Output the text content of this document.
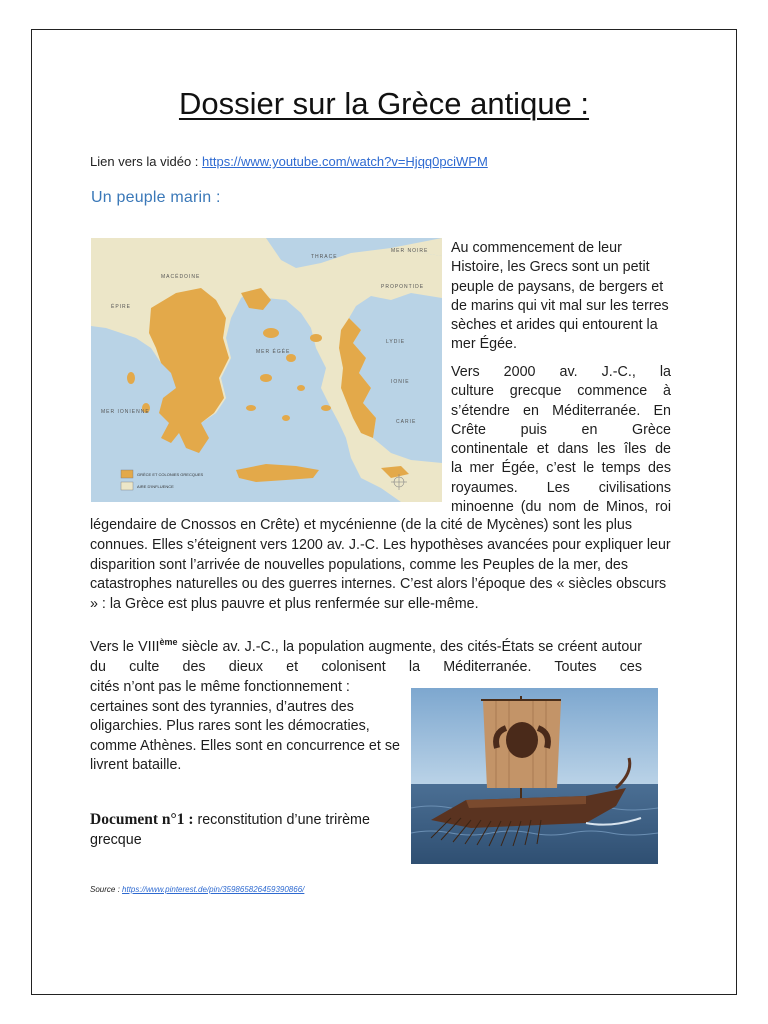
Dossier sur la Grèce antique :
Lien vers la vidéo : https://www.youtube.com/watch?v=Hjqq0pciWPM
Un peuple marin :
THRACE
MER NOIRE
MACÉDOINE
ÉPIRE
MER ÉGÉE
PROPONTIDE
LYDIE
MER IONIENNE
IONIE
CARIE
GRÈCE ET COLONIES GRECQUES
AIRE D'INFLUENCE
Au commencement de leur Histoire, les Grecs sont un petit peuple de paysans, de bergers et de marins qui vit mal sur les terres sèches et arides qui entourent la mer Égée.
Vers 2000 av. J.-C., la
culture grecque commence à
s’étendre en Méditerranée. En
Crête puis en Grèce
continentale et dans les îles de
la mer Égée, c’est le temps des
royaumes. Les civilisations
minoenne (du nom de Minos, roi
légendaire de Cnossos en Crête) et mycénienne (de la cité de Mycènes) sont les plus connues. Elles s’éteignent vers 1200 av. J.-C. Les hypothèses avancées pour expliquer leur disparition sont l’arrivée de nouvelles populations, comme les Peuples de la mer, des catastrophes naturelles ou des guerres internes. C’est alors l’époque des « siècles obscurs » : la Grèce est plus pauvre et plus renfermée sur elle-même.
Vers le VIIIème siècle av. J.-C., la population augmente, des cités-États se créent autour du culte des dieux et colonisent la Méditerranée. Toutes ces
cités n’ont pas le même fonctionnement : certaines sont des tyrannies, d’autres des oligarchies. Plus rares sont les démocraties, comme Athènes. Elles sont en concurrence et se livrent bataille.
Document n°1 : reconstitution d’une trirème grecque
Source : https://www.pinterest.de/pin/359865826459390866/
